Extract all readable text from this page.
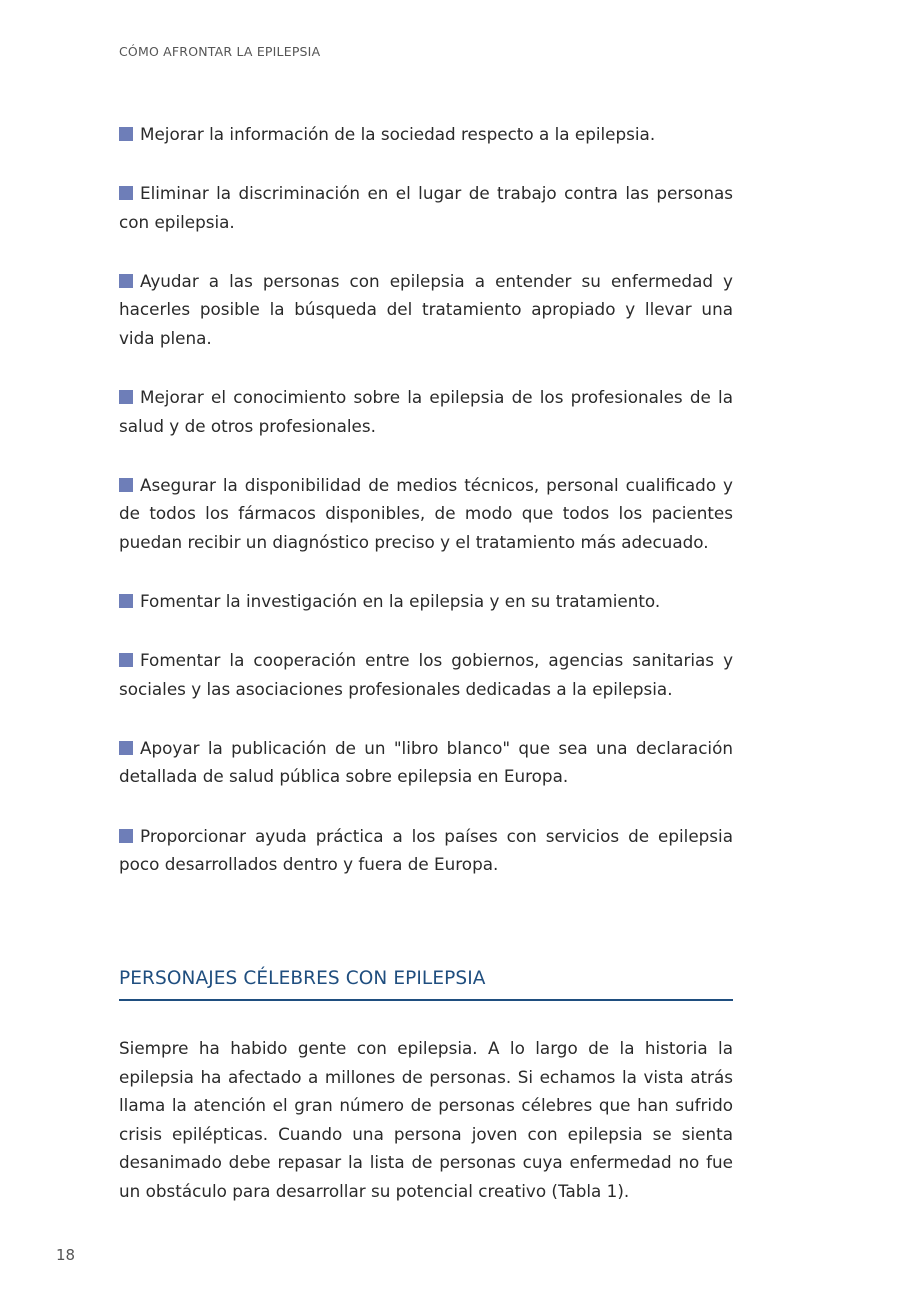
CÓMO AFRONTAR LA EPILEPSIA
Mejorar la información de la sociedad respecto a la epilepsia.
Eliminar la discriminación en el lugar de trabajo contra las personas con epilepsia.
Ayudar a las personas con epilepsia a entender su enfermedad y hacerles posible la búsqueda del tratamiento apropiado y llevar una vida plena.
Mejorar el conocimiento sobre la epilepsia de los profesionales de la salud y de otros profesionales.
Asegurar la disponibilidad de medios técnicos, personal cualificado y de todos los fármacos disponibles, de modo que todos los pacientes puedan recibir un diagnóstico preciso y el tratamiento más adecuado.
Fomentar la investigación en la epilepsia y en su tratamiento.
Fomentar la cooperación entre los gobiernos, agencias sanitarias y sociales y las asociaciones profesionales dedicadas a la epilepsia.
Apoyar la publicación de un "libro blanco" que sea una declaración detallada de salud pública sobre epilepsia en Europa.
Proporcionar ayuda práctica a los países con servicios de epilepsia poco desarrollados dentro y fuera de Europa.
PERSONAJES CÉLEBRES CON EPILEPSIA

Siempre ha habido gente con epilepsia. A lo largo de la historia la epilepsia ha afectado a millones de personas. Si echamos la vista atrás llama la atención el gran número de personas célebres que han sufrido crisis epilépticas. Cuando una persona joven con epilepsia se sienta desanimado debe repasar la lista de personas cuya enfermedad no fue un obstáculo para desarrollar su potencial creativo (Tabla 1).

18
